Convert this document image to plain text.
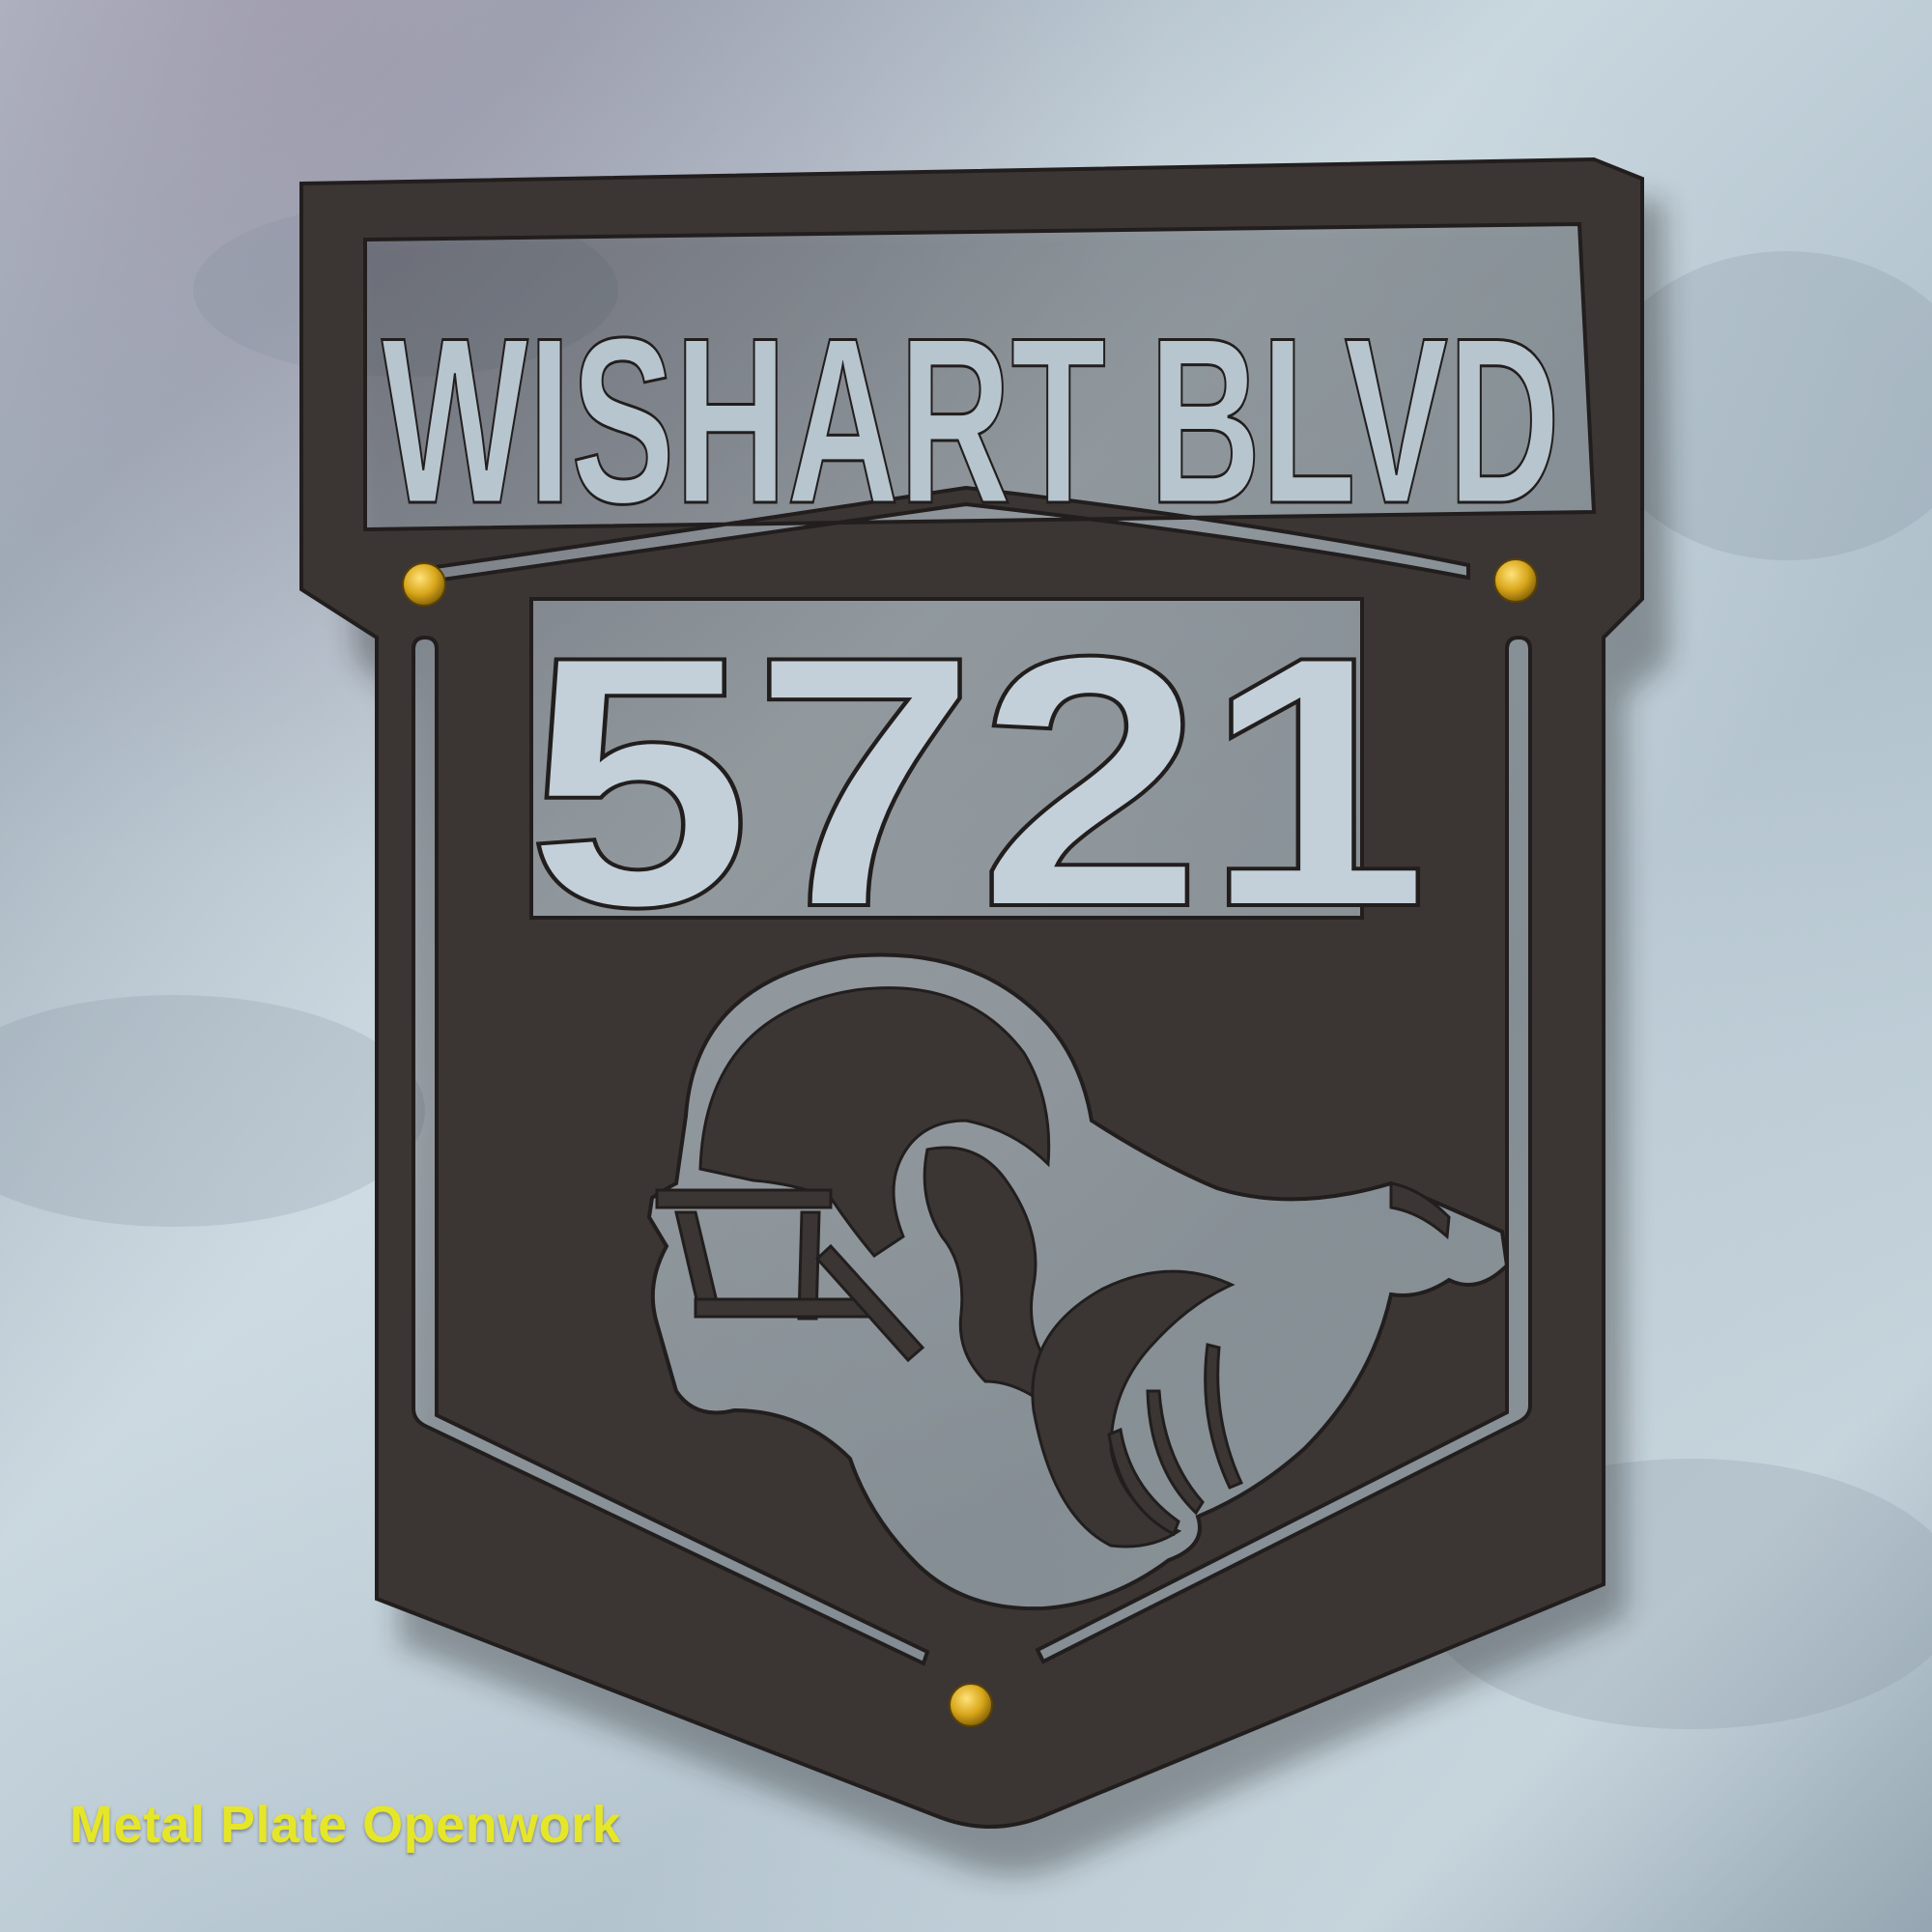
WISHART BLVD
5721
Metal Plate Openwork
